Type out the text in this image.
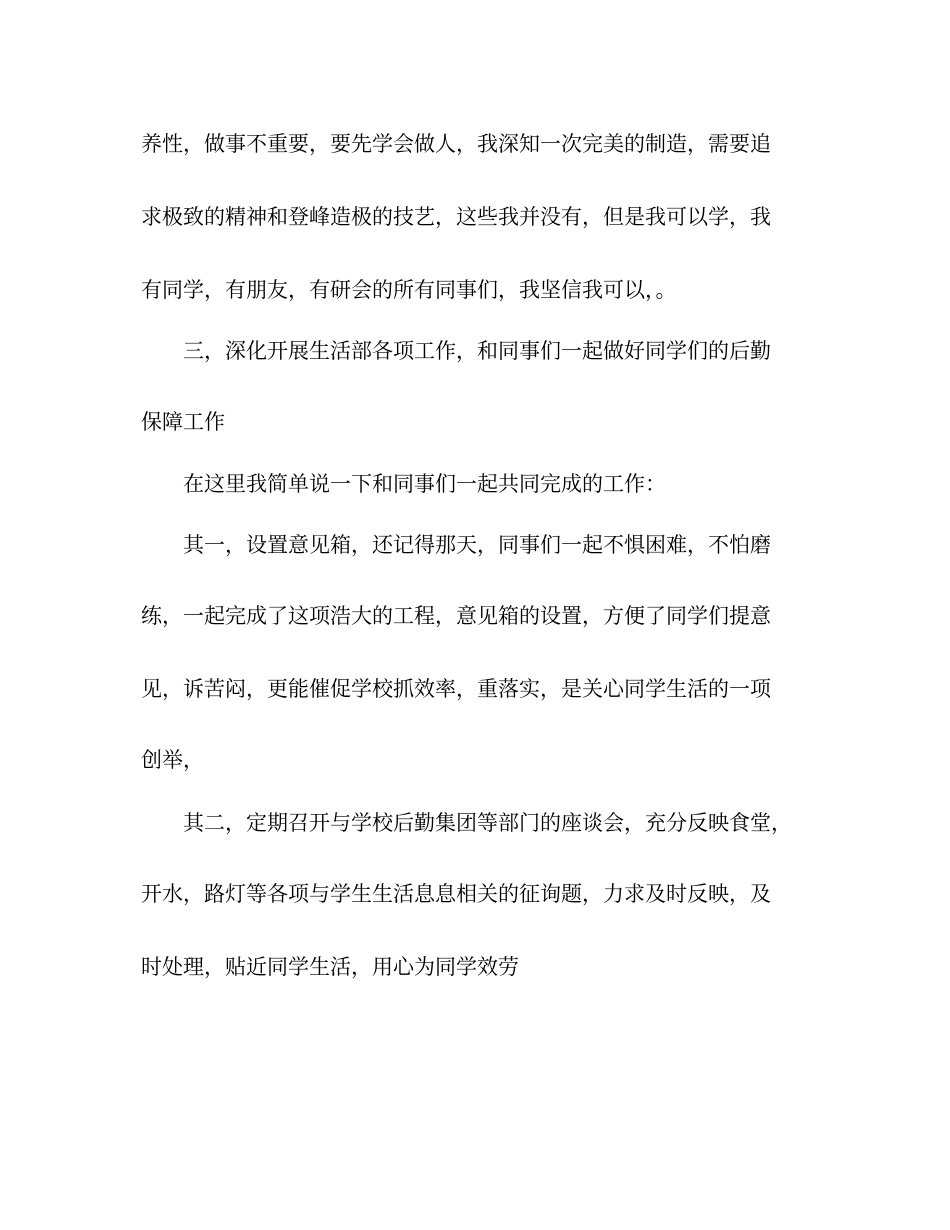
养性，做事不重要，要先学会做人，我深知一次完美的制造，需要追

求极致的精神和登峰造极的技艺，这些我并没有，但是我可以学，我

有同学，有朋友，有研会的所有同事们，我坚信我可以，。

三，深化开展生活部各项工作，和同事们一起做好同学们的后勤

保障工作

在这里我简单说一下和同事们一起共同完成的工作：

其一，设置意见箱，还记得那天，同事们一起不惧困难，不怕磨

练，一起完成了这项浩大的工程，意见箱的设置，方便了同学们提意

见，诉苦闷，更能催促学校抓效率，重落实，是关心同学生活的一项

创举，

其二，定期召开与学校后勤集团等部门的座谈会，充分反映食堂，

开水，路灯等各项与学生生活息息相关的征询题，力求及时反映，及

时处理，贴近同学生活，用心为同学效劳
